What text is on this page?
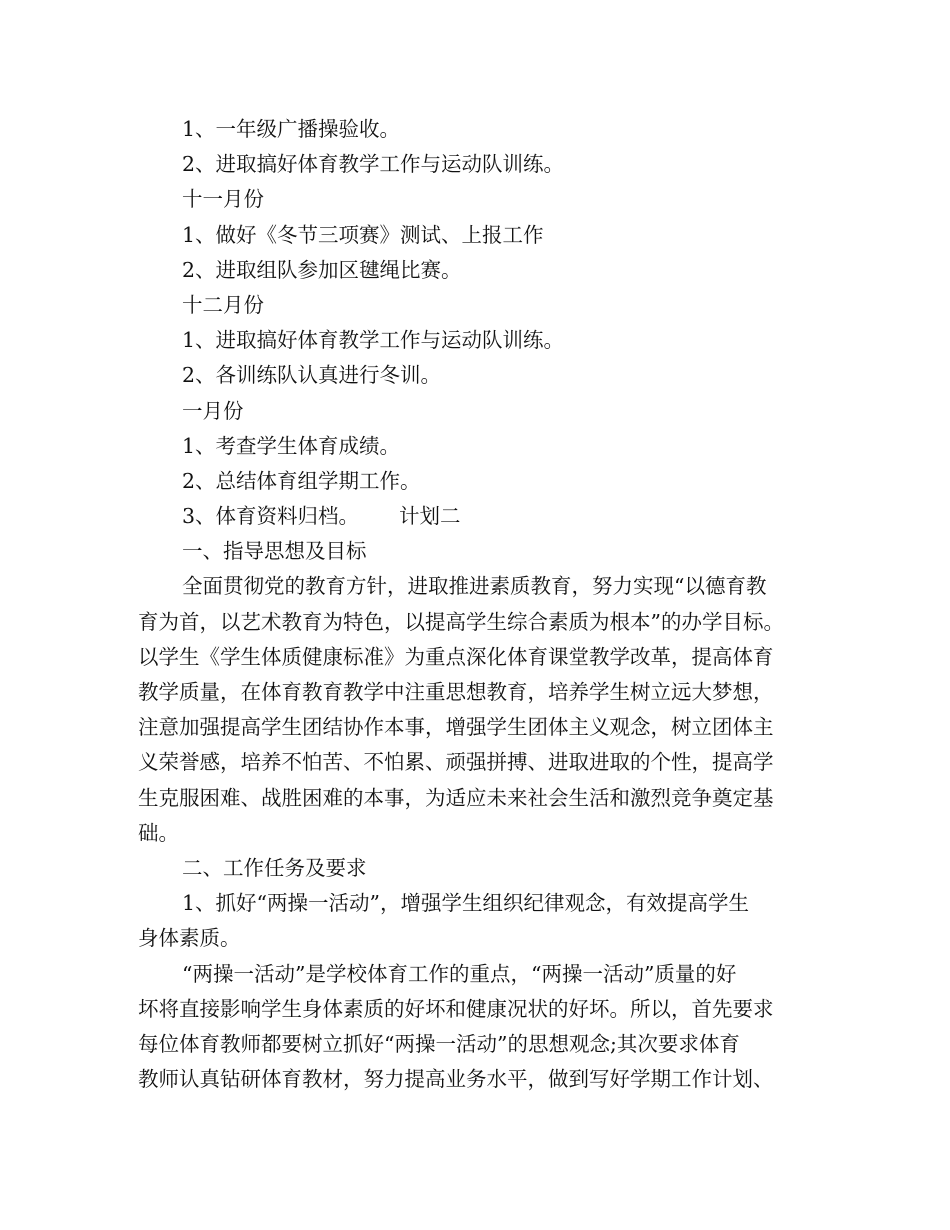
1、一年级广播操验收。
2、进取搞好体育教学工作与运动队训练。
十一月份
1、做好《冬节三项赛》测试、上报工作
2、进取组队参加区毽绳比赛。
十二月份
1、进取搞好体育教学工作与运动队训练。
2、各训练队认真进行冬训。
一月份
1、考查学生体育成绩。
2、总结体育组学期工作。
3、体育资料归档。 计划二
一、指导思想及目标
全面贯彻党的教育方针，进取推进素质教育，努力实现“以德育教
育为首，以艺术教育为特色，以提高学生综合素质为根本”的办学目标。
以学生《学生体质健康标准》为重点深化体育课堂教学改革，提高体育
教学质量，在体育教育教学中注重思想教育，培养学生树立远大梦想，
注意加强提高学生团结协作本事，增强学生团体主义观念，树立团体主
义荣誉感，培养不怕苦、不怕累、顽强拼搏、进取进取的个性，提高学
生克服困难、战胜困难的本事，为适应未来社会生活和激烈竞争奠定基
础。
二、工作任务及要求
1、抓好“两操一活动”，增强学生组织纪律观念，有效提高学生
身体素质。
“两操一活动”是学校体育工作的重点，“两操一活动”质量的好
坏将直接影响学生身体素质的好坏和健康况状的好坏。所以，首先要求
每位体育教师都要树立抓好“两操一活动”的思想观念;其次要求体育
教师认真钻研体育教材，努力提高业务水平，做到写好学期工作计划、
